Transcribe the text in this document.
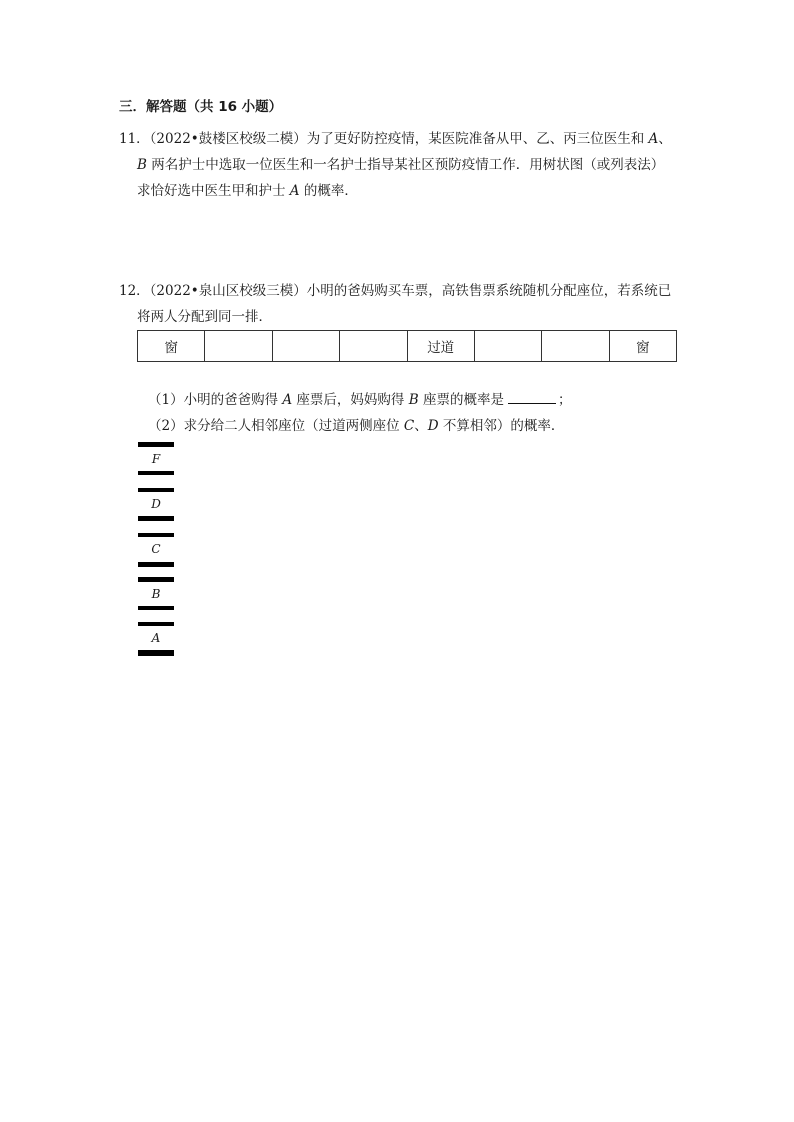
三．解答题（共 16 小题）
11．（2022•鼓楼区校级二模）为了更好防控疫情，某医院准备从甲、乙、丙三位医生和 A、
B 两名护士中选取一位医生和一名护士指导某社区预防疫情工作．用树状图（或列表法）
求恰好选中医生甲和护士 A 的概率．
12．（2022•泉山区校级三模）小明的爸妈购买车票，高铁售票系统随机分配座位，若系统已
将两人分配到同一排．
窗				过道			窗
（1）小明的爸爸购得 A 座票后，妈妈购得 B 座票的概率是	；
（2）求分给二人相邻座位（过道两侧座位 C、D 不算相邻）的概率．
F
D
C
B
A
